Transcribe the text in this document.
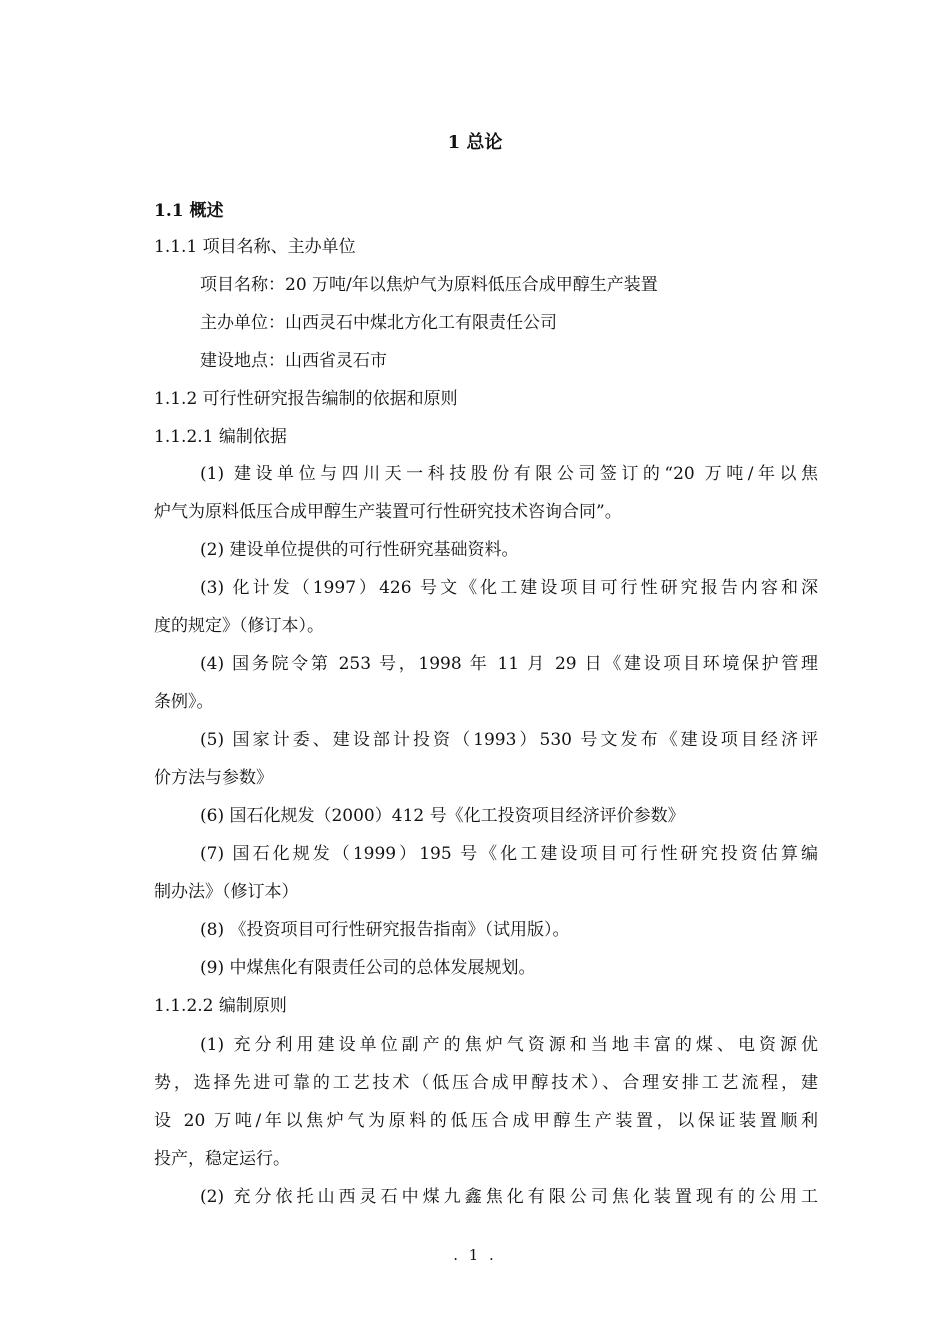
1 总论
1.1 概述
1.1.1 项目名称、主办单位
项目名称：20 万吨/年以焦炉气为原料低压合成甲醇生产装置
主办单位：山西灵石中煤北方化工有限责任公司
建设地点：山西省灵石市
1.1.2 可行性研究报告编制的依据和原则
1.1.2.1 编制依据
(1) 建设单位与四川天一科技股份有限公司签订的“20 万吨/年以焦
炉气为原料低压合成甲醇生产装置可行性研究技术咨询合同”。
(2) 建设单位提供的可行性研究基础资料。
(3) 化计发（1997）426 号文《化工建设项目可行性研究报告内容和深
度的规定》（修订本）。
(4) 国务院令第 253 号，1998 年 11 月 29 日《建设项目环境保护管理
条例》。
(5) 国家计委、建设部计投资（1993）530 号文发布《建设项目经济评
价方法与参数》
(6) 国石化规发（2000）412 号《化工投资项目经济评价参数》
(7) 国石化规发（1999）195 号《化工建设项目可行性研究投资估算编
制办法》（修订本）
(8) 《投资项目可行性研究报告指南》（试用版）。
(9) 中煤焦化有限责任公司的总体发展规划。
1.1.2.2 编制原则
(1) 充分利用建设单位副产的焦炉气资源和当地丰富的煤、电资源优
势，选择先进可靠的工艺技术（低压合成甲醇技术）、合理安排工艺流程，建
设 20 万吨/年以焦炉气为原料的低压合成甲醇生产装置，以保证装置顺利
投产，稳定运行。
(2) 充分依托山西灵石中煤九鑫焦化有限公司焦化装置现有的公用工
. 1 .
